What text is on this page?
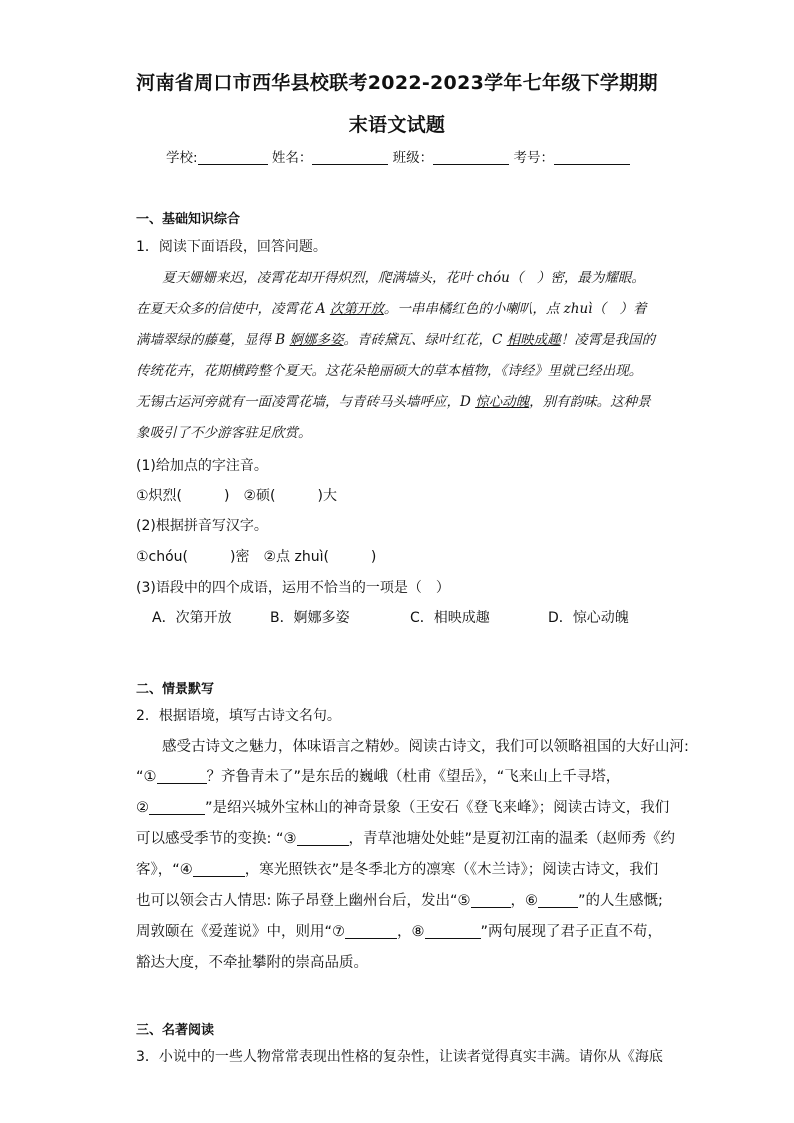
河南省周口市西华县校联考2022-2023学年七年级下学期期
末语文试题
学校:	姓名：	班级：	考号：
一、基础知识综合
1．阅读下面语段，回答问题。
夏天姗姗来迟，凌霄花却开得炽烈，爬满墙头，花叶 chóu（　）密，最为耀眼。
在夏天众多的信使中，凌霄花 A 次第开放。一串串橘红色的小喇叭，点 zhuì（　）着
满墙翠绿的藤蔓，显得 B 婀娜多姿。青砖黛瓦、绿叶红花，C 相映成趣！凌霄是我国的
传统花卉，花期横跨整个夏天。这花朵艳丽硕大的草本植物，《诗经》里就已经出现。
无锡古运河旁就有一面凌霄花墙，与青砖马头墙呼应，D 惊心动魄，别有韵味。这种景
象吸引了不少游客驻足欣赏。
(1)给加点的字注音。
①炽烈(　　　)　②硕(　　　)大
(2)根据拼音写汉字。
①chóu(　　　)密　②点 zhuì(　　　)
(3)语段中的四个成语，运用不恰当的一项是（　）
A．次第开放	B．婀娜多姿	C．相映成趣	D．惊心动魄
二、情景默写
2．根据语境，填写古诗文名句。
感受古诗文之魅力，体味语言之精妙。阅读古诗文，我们可以领略祖国的大好山河:
“①	？齐鲁青未了”是东岳的巍峨（杜甫《望岳》，“飞来山上千寻塔，
②	”是绍兴城外宝林山的神奇景象（王安石《登飞来峰》；阅读古诗文，我们
可以感受季节的变换: “③	，青草池塘处处蛙”是夏初江南的温柔（赵师秀《约
客》，“④	，寒光照铁衣”是冬季北方的凛寒（《木兰诗》；阅读古诗文，我们
也可以领会古人情思: 陈子昂登上幽州台后，发出“⑤	，⑥	”的人生感慨;
周敦颐在《爱莲说》中，则用“⑦	，⑧	”两句展现了君子正直不苟，
豁达大度，不牵扯攀附的崇高品质。
三、名著阅读
3．小说中的一些人物常常表现出性格的复杂性，让读者觉得真实丰满。请你从《海底
